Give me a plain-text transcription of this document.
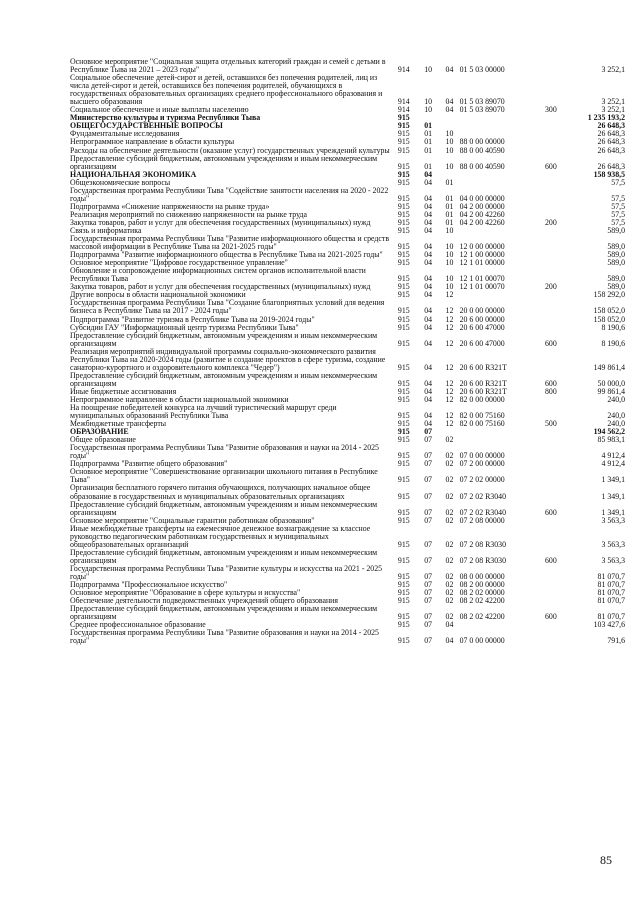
Основное мероприятие "Социальная защита отдельных категорий граждан и семей с детьми в Республике Тыва на 2021 – 2023 годы"	914	10	04	01 5 03 00000		3 252,1
Социальное обеспечение детей-сирот и детей, оставшихся без попечения родителей, лиц из числа детей-сирот и детей, оставшихся без попечения родителей, обучающихся в государственных образовательных организациях среднего профессионального образования и высшего образования	914	10	04	01 5 03 89070		3 252,1
Социальное обеспечение и иные выплаты населению	914	10	04	01 5 03 89070	300	3 252,1
Министерство культуры и туризма Республики Тыва	915					1 235 193,2
ОБЩЕГОСУДАРСТВЕННЫЕ ВОПРОСЫ	915	01				26 648,3
Фундаментальные исследования	915	01	10			26 648,3
Непрограммное направление в области культуры	915	01	10	88 0 00 00000		26 648,3
Расходы на обеспечение деятельности (оказание услуг) государственных учреждений культуры	915	01	10	88 0 00 40590		26 648,3
Предоставление субсидий бюджетным, автономным учреждениям и иным некоммерческим организациям	915	01	10	88 0 00 40590	600	26 648,3
НАЦИОНАЛЬНАЯ ЭКОНОМИКА	915	04				158 938,5
Общеэкономические вопросы	915	04	01			57,5
Государственная программа Республики Тыва "Содействие занятости населения на 2020 - 2022 годы"	915	04	01	04 0 00 00000		57,5
Подпрограмма «Снижение напряженности на рынке труда»	915	04	01	04 2 00 00000		57,5
Реализация мероприятий по снижению напряженности на рынке труда	915	04	01	04 2 00 42260		57,5
Закупка товаров, работ и услуг для обеспечения государственных (муниципальных) нужд	915	04	01	04 2 00 42260	200	57,5
Связь и информатика	915	04	10			589,0
Государственная программа Республики Тыва "Развитие информационного общества и средств массовой информации в Республике Тыва на 2021-2025 годы"	915	04	10	12 0 00 00000		589,0
Подпрограмма "Развитие информационного общества в Республике Тыва на 2021-2025 годы"	915	04	10	12 1 00 00000		589,0
Основное мероприятие "Цифровое государственное управление"	915	04	10	12 1 01 00000		589,0
Обновление и сопровождение информационных систем органов исполнительной власти Республики Тыва	915	04	10	12 1 01 00070		589,0
Закупка товаров, работ и услуг для обеспечения государственных (муниципальных) нужд	915	04	10	12 1 01 00070	200	589,0
Другие вопросы в области национальной экономики	915	04	12			158 292,0
Государственная программа Республики Тыва "Создание благоприятных условий для ведения бизнеса в Республике Тыва на 2017 - 2024 годы"	915	04	12	20 0 00 00000		158 052,0
Подпрограмма "Развитие туризма в Республике Тыва на 2019-2024 годы"	915	04	12	20 6 00 00000		158 052,0
Субсидии ГАУ "Информационный центр туризма Республики Тыва"	915	04	12	20 6 00 47000		8 190,6
Предоставление субсидий бюджетным, автономным учреждениям и иным некоммерческим организациям	915	04	12	20 6 00 47000	600	8 190,6
Реализация мероприятий индивидуальной программы социально-экономического развития Республики Тыва на 2020-2024 годы (развитие и создание проектов в сфере туризма, создание санаторно-курортного и оздоровительного комплекса "Чедер")	915	04	12	20 6 00 R321T		149 861,4
Предоставление субсидий бюджетным, автономным учреждениям и иным некоммерческим организациям	915	04	12	20 6 00 R321T	600	50 000,0
Иные бюджетные ассигнования	915	04	12	20 6 00 R321T	800	99 861,4
Непрограммное направление в области национальной экономики	915	04	12	82 0 00 00000		240,0
На поощрение победителей конкурса на лучший туристический маршрут среди муниципальных образований Республики Тыва	915	04	12	82 0 00 75160		240,0
Межбюджетные трансферты	915	04	12	82 0 00 75160	500	240,0
ОБРАЗОВАНИЕ	915	07				194 562,2
Общее образование	915	07	02			85 983,1
Государственная программа Республики Тыва "Развитие образования и науки на 2014 - 2025 годы"	915	07	02	07 0 00 00000		4 912,4
Подпрограмма "Развитие общего образования"	915	07	02	07 2 00 00000		4 912,4
Основное мероприятие "Совершенствование организации школьного питания в Республике Тыва"	915	07	02	07 2 02 00000		1 349,1
Организация бесплатного горячего питания обучающихся, получающих начальное общее образование в государственных и муниципальных образовательных организациях	915	07	02	07 2 02 R3040		1 349,1
Предоставление субсидий бюджетным, автономным учреждениям и иным некоммерческим организациям	915	07	02	07 2 02 R3040	600	1 349,1
Основное мероприятие "Социальные гарантии работникам образования"	915	07	02	07 2 08 00000		3 563,3
Иные межбюджетные трансферты на ежемесячное денежное вознаграждение за классное руководство педагогическим работникам государственных и муниципальных общеобразовательных организаций	915	07	02	07 2 08 R3030		3 563,3
Предоставление субсидий бюджетным, автономным учреждениям и иным некоммерческим организациям	915	07	02	07 2 08 R3030	600	3 563,3
Государственная программа Республики Тыва "Развитие культуры и искусства на 2021 - 2025 годы"	915	07	02	08 0 00 00000		81 070,7
Подпрограмма "Профессиональное искусство"	915	07	02	08 2 00 00000		81 070,7
Основное мероприятие "Образование в сфере культуры и искусства"	915	07	02	08 2 02 00000		81 070,7
Обеспечение деятельности подведомственных учреждений общего образования	915	07	02	08 2 02 42200		81 070,7
Предоставление субсидий бюджетным, автономным учреждениям и иным некоммерческим организациям	915	07	02	08 2 02 42200	600	81 070,7
Среднее профессиональное образование	915	07	04			103 427,6
Государственная программа Республики Тыва "Развитие образования и науки на 2014 - 2025 годы"	915	07	04	07 0 00 00000		791,6
85
